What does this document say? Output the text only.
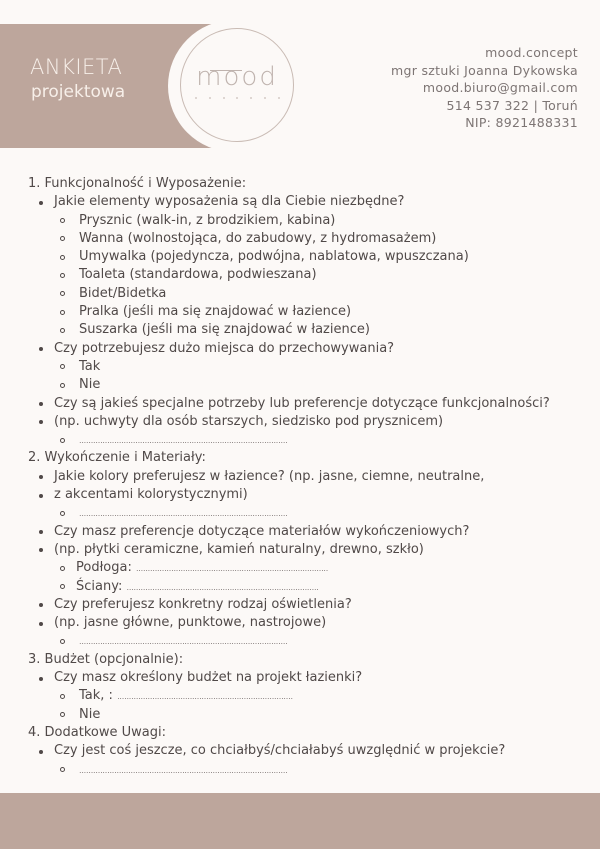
ANKIETA
projektowa	mood
mood.concept
mgr sztuki Joanna Dykowska
mood.biuro@gmail.com
514 537 322 | Toruń
NIP: 8921488331
1. Funkcjonalność i Wyposażenie:
Jakie elementy wyposażenia są dla Ciebie niezbędne?
Prysznic (walk-in, z brodzikiem, kabina)
Wanna (wolnostojąca, do zabudowy, z hydromasażem)
Umywalka (pojedyncza, podwójna, nablatowa, wpuszczana)
Toaleta (standardowa, podwieszana)
Bidet/Bidetka
Pralka (jeśli ma się znajdować w łazience)
Suszarka (jeśli ma się znajdować w łazience)
Czy potrzebujesz dużo miejsca do przechowywania?
Tak
Nie
Czy są jakieś specjalne potrzeby lub preferencje dotyczące funkcjonalności?
(np. uchwyty dla osób starszych, siedzisko pod prysznicem)
.........................................................................................
2. Wykończenie i Materiały:
Jakie kolory preferujesz w łazience? (np. jasne, ciemne, neutralne,
z akcentami kolorystycznymi)
.........................................................................................
Czy masz preferencje dotyczące materiałów wykończeniowych?
(np. płytki ceramiczne, kamień naturalny, drewno, szkło)
Podłoga: ..................................................................................
Ściany: ..................................................................................
Czy preferujesz konkretny rodzaj oświetlenia?
(np. jasne główne, punktowe, nastrojowe)
.........................................................................................
3. Budżet (opcjonalnie):
Czy masz określony budżet na projekt łazienki?
Tak, : ...........................................................................
Nie
4. Dodatkowe Uwagi:
Czy jest coś jeszcze, co chciałbyś/chciałabyś uwzględnić w projekcie?
.........................................................................................
